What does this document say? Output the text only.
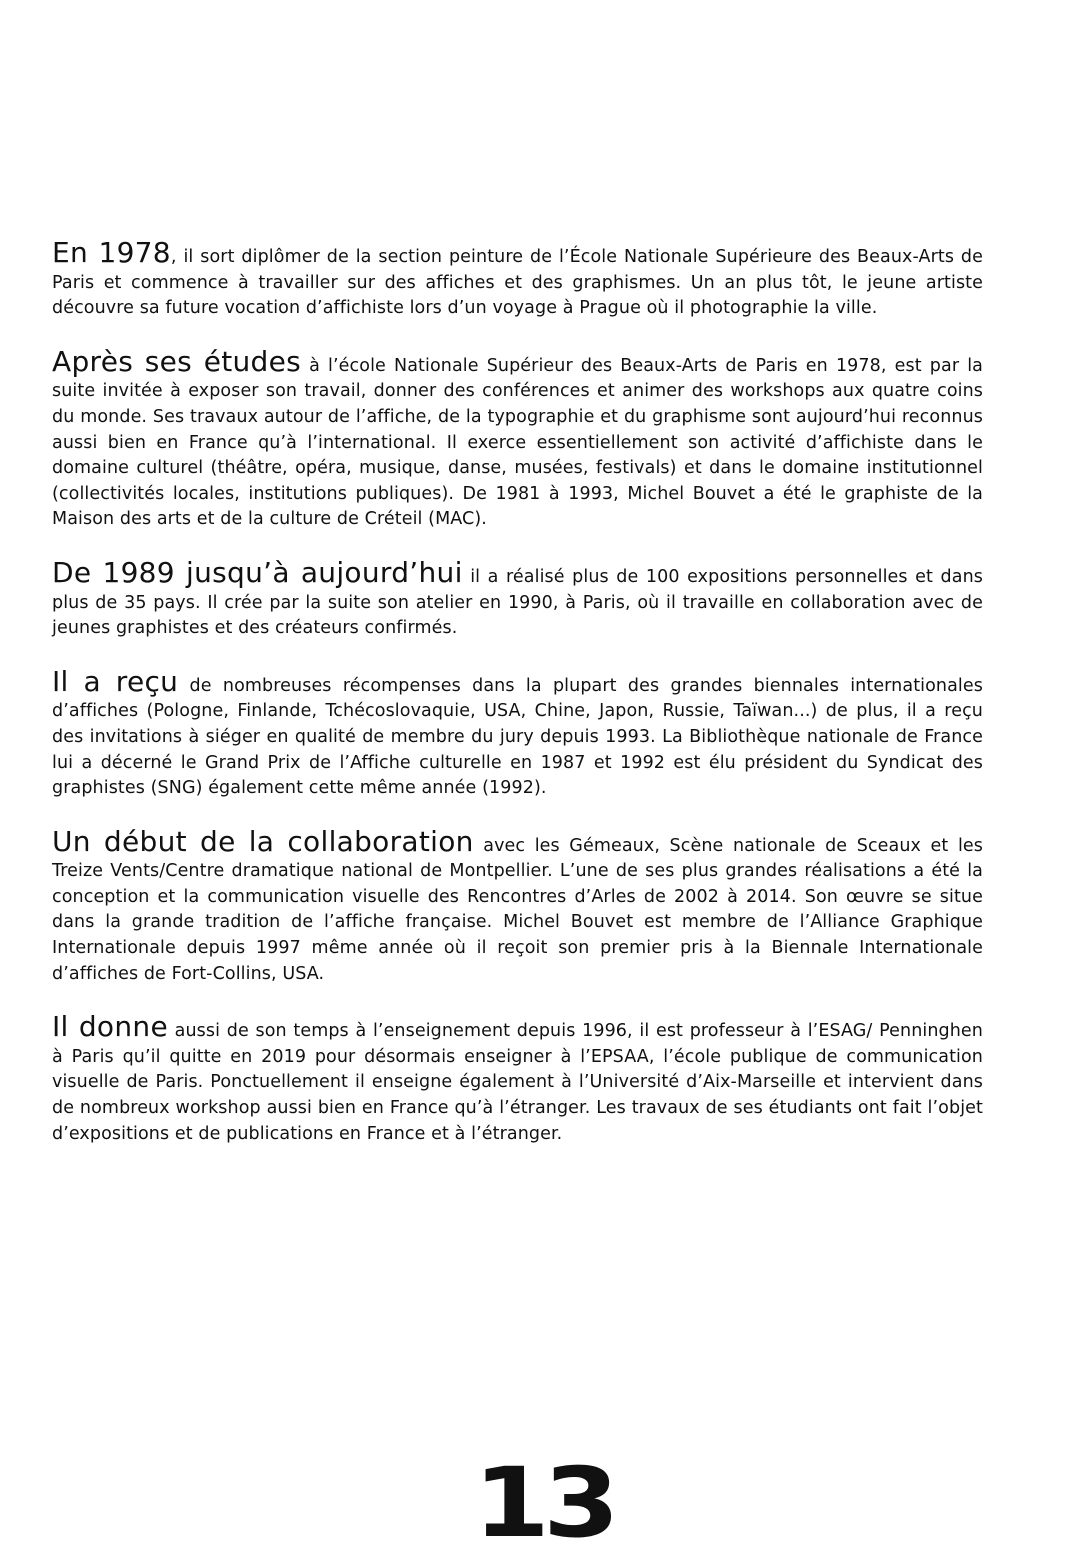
En 1978, il sort diplômer de la section peinture de l’École Nationale Supérieure des Beaux-Arts de Paris et commence à travailler sur des affiches et des graphismes. Un an plus tôt, le jeune artiste découvre sa future vocation d’affichiste lors d’un voyage à Prague où il photographie la ville.

Après ses études à l’école Nationale Supérieur des Beaux-Arts de Paris en 1978, est par la suite invitée à exposer son travail, donner des conférences et animer des workshops aux quatre coins du monde. Ses travaux autour de l’affiche, de la typographie et du graphisme sont aujourd’hui reconnus aussi bien en France qu’à l’international. Il exerce essentiellement son activité d’affichiste dans le domaine culturel (théâtre, opéra, musique, danse, musées, festivals) et dans le domaine institutionnel (collectivités locales, institutions publiques). De 1981 à 1993, Michel Bouvet a été le graphiste de la Maison des arts et de la culture de Créteil (MAC).

De 1989 jusqu’à aujourd’hui il a réalisé plus de 100 expositions personnelles et dans plus de 35 pays. Il crée par la suite son atelier en 1990, à Paris, où il travaille en collaboration avec de jeunes graphistes et des créateurs confirmés.

Il a reçu de nombreuses récompenses dans la plupart des grandes biennales internationales d’affiches (Pologne, Finlande, Tchécoslovaquie, USA, Chine, Japon, Russie, Taïwan...) de plus, il a reçu des invitations à siéger en qualité de membre du jury depuis 1993. La Bibliothèque nationale de France lui a décerné le Grand Prix de l’Affiche culturelle en 1987 et 1992 est élu président du Syndicat des graphistes (SNG) également cette même année (1992).

Un début de la collaboration avec les Gémeaux, Scène nationale de Sceaux et les Treize Vents/Centre dramatique national de Montpellier. L’une de ses plus grandes réalisations a été la conception et la communication visuelle des Rencontres d’Arles de 2002 à 2014. Son œuvre se situe dans la grande tradition de l’affiche française. Michel Bouvet est membre de l’Alliance Graphique Internationale depuis 1997 même année où il reçoit son premier pris à la Biennale Internationale d’affiches de Fort-Collins, USA.

Il donne aussi de son temps à l’enseignement depuis 1996, il est professeur à l’ESAG/ Penninghen à Paris qu’il quitte en 2019 pour désormais enseigner à l’EPSAA, l’école publique de communication visuelle de Paris. Ponctuellement il enseigne également à l’Université d’Aix-Marseille et intervient dans de nombreux workshop aussi bien en France qu’à l’étranger. Les travaux de ses étudiants ont fait l’objet d’expositions et de publications en France et à l’étranger.

13
